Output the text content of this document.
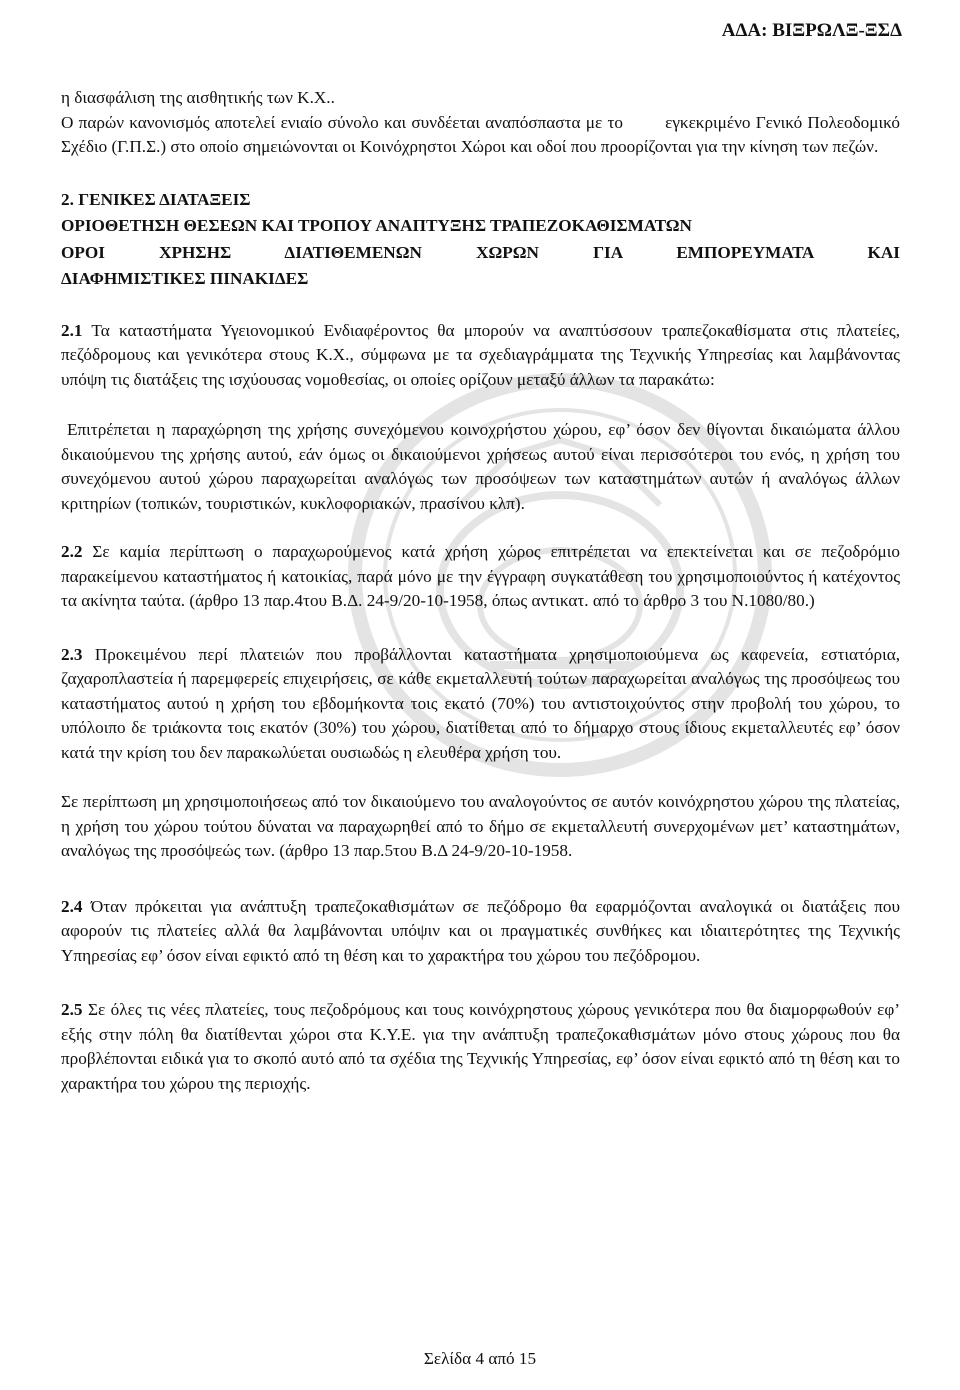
ΑΔΑ: ΒΙΞΡΩΛΞ-ΞΣΔ

η διασφάλιση της αισθητικής των Κ.Χ..

Ο παρών κανονισμός αποτελεί ενιαίο σύνολο και συνδέεται αναπόσπαστα με το        εγκεκριμένο Γενικό Πολεοδομικό Σχέδιο (Γ.Π.Σ.) στο οποίο σημειώνονται οι Κοινόχρηστοι Χώροι και οδοί που προορίζονται για την κίνηση των πεζών.

2. ΓΕΝΙΚΕΣ ΔΙΑΤΑΞΕΙΣ
ΟΡΙΟΘΕΤΗΣΗ ΘΕΣΕΩΝ ΚΑΙ ΤΡΟΠΟΥ ΑΝΑΠΤΥΞΗΣ ΤΡΑΠΕΖΟΚΑΘΙΣΜΑΤΩΝ
ΟΡΟΙ ΧΡΗΣΗΣ ΔΙΑΤΙΘΕΜΕΝΩΝ ΧΩΡΩΝ ΓΙΑ ΕΜΠΟΡΕΥΜΑΤΑ ΚΑΙ
ΔΙΑΦΗΜΙΣΤΙΚΕΣ ΠΙΝΑΚΙΔΕΣ

2.1 Τα καταστήματα Υγειονομικού Ενδιαφέροντος θα μπορούν να αναπτύσσουν τραπεζοκαθίσματα στις πλατείες, πεζόδρομους και γενικότερα στους Κ.Χ., σύμφωνα με τα σχεδιαγράμματα της Τεχνικής Υπηρεσίας και λαμβάνοντας υπόψη τις διατάξεις της ισχύουσας νομοθεσίας, οι οποίες ορίζουν μεταξύ άλλων τα παρακάτω:

Επιτρέπεται η παραχώρηση της χρήσης συνεχόμενου κοινοχρήστου χώρου, εφ’ όσον δεν θίγονται δικαιώματα άλλου δικαιούμενου της χρήσης αυτού, εάν όμως οι δικαιούμενοι χρήσεως αυτού είναι περισσότεροι του ενός, η χρήση του συνεχόμενου αυτού χώρου παραχωρείται αναλόγως των προσόψεων των καταστημάτων αυτών ή αναλόγως άλλων κριτηρίων (τοπικών, τουριστικών, κυκλοφοριακών, πρασίνου κλπ).

2.2 Σε καμία περίπτωση ο παραχωρούμενος κατά χρήση χώρος επιτρέπεται να επεκτείνεται και σε πεζοδρόμιο παρακείμενου καταστήματος ή κατοικίας, παρά μόνο με την έγγραφη συγκατάθεση του χρησιμοποιούντος ή κατέχοντος τα ακίνητα ταύτα. (άρθρο 13 παρ.4του Β.Δ. 24-9/20-10-1958, όπως αντικατ. από το άρθρο 3 του Ν.1080/80.)

2.3 Προκειμένου περί πλατειών που προβάλλονται καταστήματα χρησιμοποιούμενα ως καφενεία, εστιατόρια, ζαχαροπλαστεία ή παρεμφερείς επιχειρήσεις, σε κάθε εκμεταλλευτή τούτων παραχωρείται αναλόγως της προσόψεως του καταστήματος αυτού η χρήση του εβδομήκοντα τοις εκατό (70%) του αντιστοιχούντος στην προβολή του χώρου, το υπόλοιπο δε τριάκοντα τοις εκατόν (30%) του χώρου, διατίθεται από το δήμαρχο στους ίδιους εκμεταλλευτές εφ’ όσον κατά την κρίση του δεν παρακωλύεται ουσιωδώς η ελευθέρα χρήση του.

Σε περίπτωση μη χρησιμοποιήσεως από τον δικαιούμενο του αναλογούντος σε αυτόν κοινόχρηστου χώρου της πλατείας, η χρήση του χώρου τούτου δύναται να παραχωρηθεί από το δήμο σε εκμεταλλευτή συνερχομένων μετ’ καταστημάτων, αναλόγως της προσόψεώς των. (άρθρο 13 παρ.5του Β.Δ 24-9/20-10-1958.

2.4 Όταν πρόκειται για ανάπτυξη τραπεζοκαθισμάτων σε πεζόδρομο θα εφαρμόζονται αναλογικά οι διατάξεις που αφορούν τις πλατείες αλλά θα λαμβάνονται υπόψιν και οι πραγματικές συνθήκες και ιδιαιτερότητες της Τεχνικής Υπηρεσίας εφ’ όσον είναι εφικτό από τη θέση και το χαρακτήρα του χώρου του πεζόδρομου.

2.5 Σε όλες τις νέες πλατείες, τους πεζοδρόμους και τους κοινόχρηστους χώρους γενικότερα που θα διαμορφωθούν εφ’ εξής στην πόλη θα διατίθενται χώροι στα Κ.Υ.Ε. για την ανάπτυξη τραπεζοκαθισμάτων μόνο στους χώρους που θα προβλέπονται ειδικά για το σκοπό αυτό από τα σχέδια της Τεχνικής Υπηρεσίας, εφ’ όσον είναι εφικτό από τη θέση και το χαρακτήρα του χώρου της περιοχής.

Σελίδα 4 από 15
